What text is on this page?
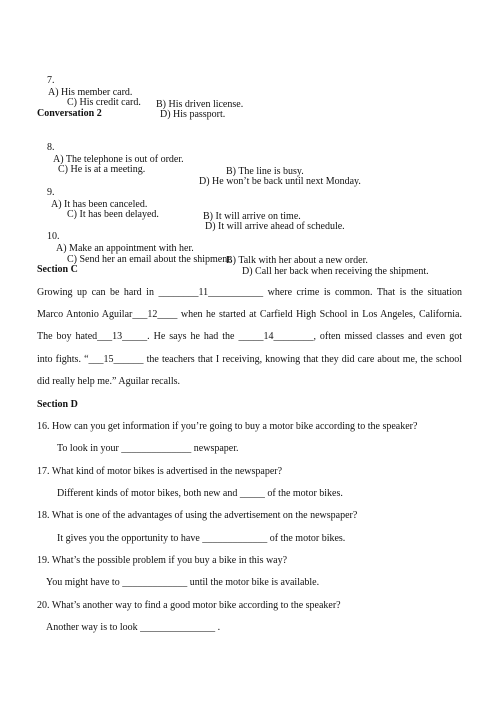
7.

A) His member card.

B) His driven license.

C) His credit card.

D) His passport.

Conversation 2

8.

A) The telephone is out of order.

B) The line is busy.

C) He is at a meeting.

D) He won’t be back until next Monday.

9.

A) It has been canceled.

B) It will arrive on time.

C) It has been delayed.

D) It will arrive ahead of schedule.

10.

A) Make an appointment with her.

B) Talk with her about a new order.

C) Send her an email about the shipment.

D) Call her back when receiving the shipment.

Section C
Growing up can be hard in ________11___________ where crime is common. That is the situation
Marco Antonio Aguilar___12____ when he started at Carfield High School in Los Angeles, California.
The boy hated___13_____. He says he had the _____14________, often missed classes and even got
into fights. “___15______ the teachers that I receiving, knowing that they did care about me, the school
did really help me.” Aguilar recalls.
Section D
16. How can you get information if you’re going to buy a motor bike according to the speaker?
To look in your ______________ newspaper.
17. What kind of motor bikes is advertised in the newspaper?
Different kinds of motor bikes, both new and _____ of the motor bikes.
18. What is one of the advantages of using the advertisement on the newspaper?
It gives you the opportunity to have _____________ of the motor bikes.
19. What’s the possible problem if you buy a bike in this way?
You might have to _____________ until the motor bike is available.
20. What’s another way to find a good motor bike according to the speaker?
Another way is to look _______________ .
